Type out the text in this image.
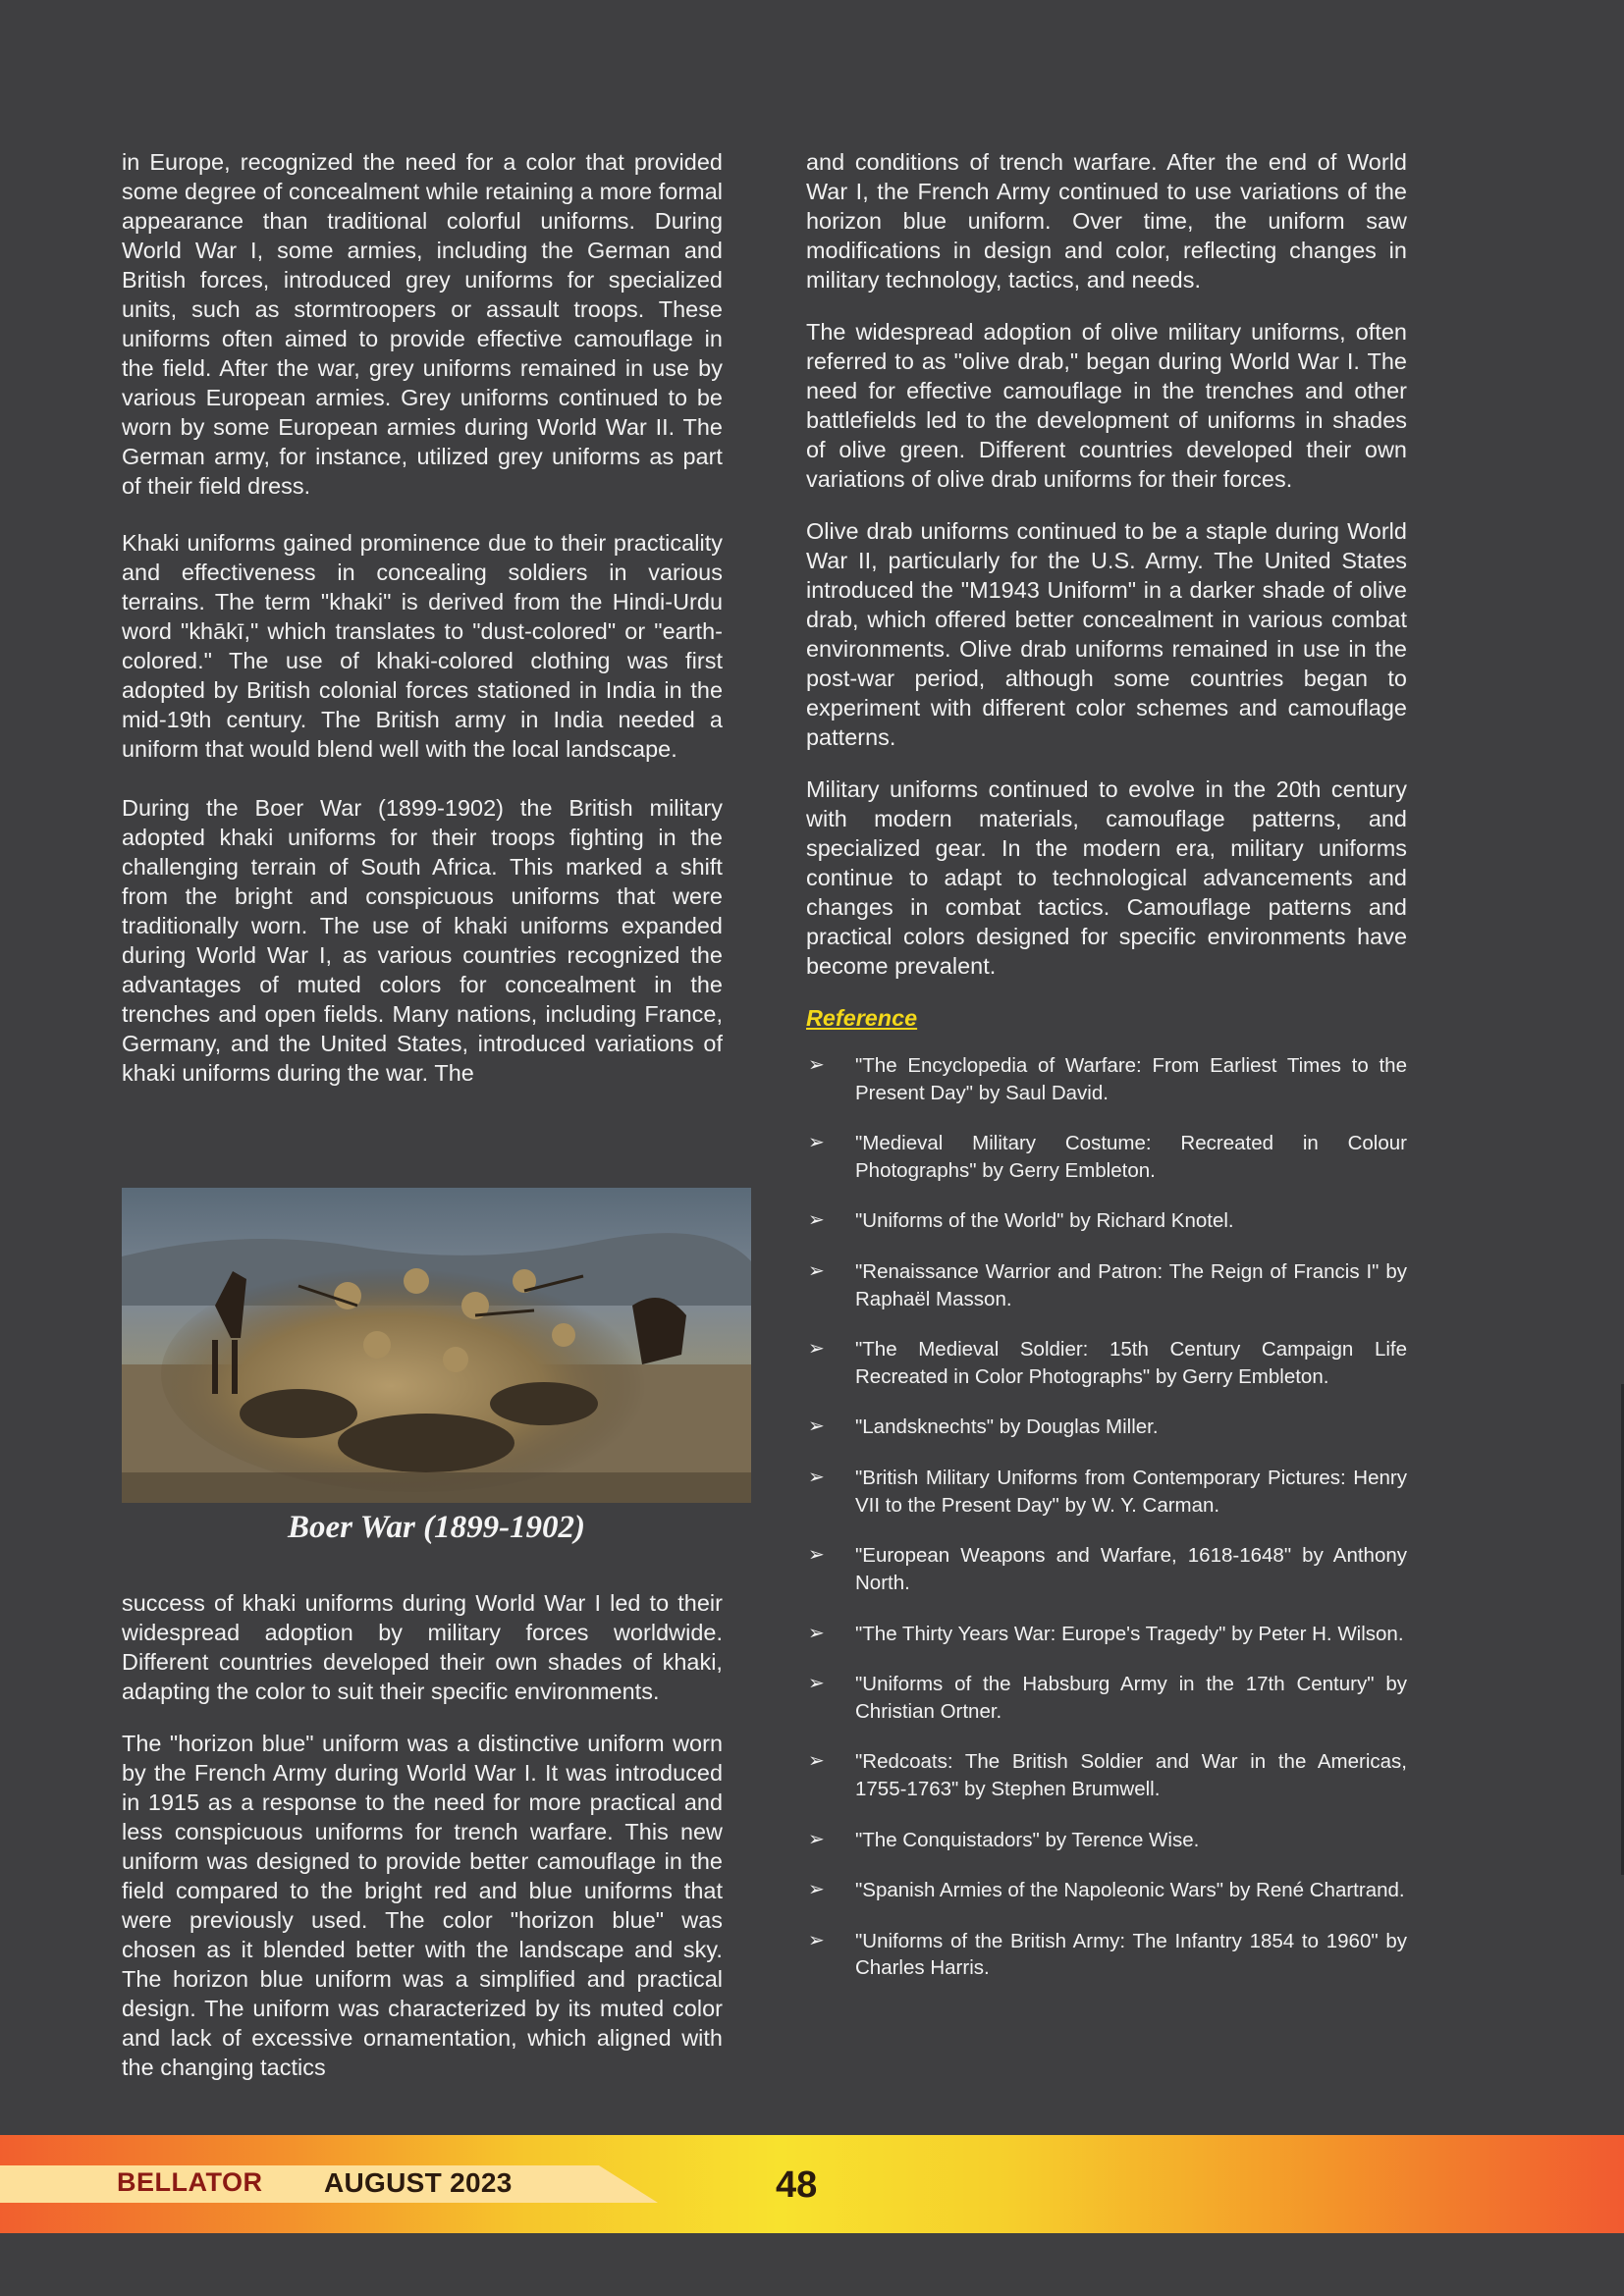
in Europe, recognized the need for a color that provided some degree of concealment while retaining a more formal appearance than traditional colorful uniforms. During World War I, some armies, including the German and British forces, introduced grey uniforms for specialized units, such as stormtroopers or assault troops. These uniforms often aimed to provide effective camouflage in the field. After the war, grey uniforms remained in use by various European armies. Grey uniforms continued to be worn by some European armies during World War II. The German army, for instance, utilized grey uniforms as part of their field dress.

Khaki uniforms gained prominence due to their practicality and effectiveness in concealing soldiers in various terrains. The term "khaki" is derived from the Hindi-Urdu word "khākī," which translates to "dust-colored" or "earth-colored." The use of khaki-colored clothing was first adopted by British colonial forces stationed in India in the mid-19th century. The British army in India needed a uniform that would blend well with the local landscape.

During the Boer War (1899-1902) the British military adopted khaki uniforms for their troops fighting in the challenging terrain of South Africa. This marked a shift from the bright and conspicuous uniforms that were traditionally worn. The use of khaki uniforms expanded during World War I, as various countries recognized the advantages of muted colors for concealment in the trenches and open fields. Many nations, including France, Germany, and the United States, introduced variations of khaki uniforms during the war. The

Boer War (1899-1902)

success of khaki uniforms during World War I led to their widespread adoption by military forces worldwide. Different countries developed their own shades of khaki, adapting the color to suit their specific environments.

The "horizon blue" uniform was a distinctive uniform worn by the French Army during World War I. It was introduced in 1915 as a response to the need for more practical and less conspicuous uniforms for trench warfare. This new uniform was designed to provide better camouflage in the field compared to the bright red and blue uniforms that were previously used. The color "horizon blue" was chosen as it blended better with the landscape and sky. The horizon blue uniform was a simplified and practical design. The uniform was characterized by its muted color and lack of excessive ornamentation, which aligned with the changing tactics

and conditions of trench warfare. After the end of World War I, the French Army continued to use variations of the horizon blue uniform. Over time, the uniform saw modifications in design and color, reflecting changes in military technology, tactics, and needs.

The widespread adoption of olive military uniforms, often referred to as "olive drab," began during World War I. The need for effective camouflage in the trenches and other battlefields led to the development of uniforms in shades of olive green. Different countries developed their own variations of olive drab uniforms for their forces.

Olive drab uniforms continued to be a staple during World War II, particularly for the U.S. Army. The United States introduced the "M1943 Uniform" in a darker shade of olive drab, which offered better concealment in various combat environments. Olive drab uniforms remained in use in the post-war period, although some countries began to experiment with different color schemes and camouflage patterns.

Military uniforms continued to evolve in the 20th century with modern materials, camouflage patterns, and specialized gear. In the modern era, military uniforms continue to adapt to technological advancements and changes in combat tactics. Camouflage patterns and practical colors designed for specific environments have become prevalent.

Reference
➢ "The Encyclopedia of Warfare: From Earliest Times to the Present Day" by Saul David.
➢ "Medieval Military Costume: Recreated in Colour Photographs" by Gerry Embleton.
➢ "Uniforms of the World" by Richard Knotel.
➢ "Renaissance Warrior and Patron: The Reign of Francis I" by Raphaël Masson.
➢ "The Medieval Soldier: 15th Century Campaign Life Recreated in Color Photographs" by Gerry Embleton.
➢ "Landsknechts" by Douglas Miller.
➢ "British Military Uniforms from Contemporary Pictures: Henry VII to the Present Day" by W. Y. Carman.
➢ "European Weapons and Warfare, 1618-1648" by Anthony North.
➢ "The Thirty Years War: Europe's Tragedy" by Peter H. Wilson.
➢ "Uniforms of the Habsburg Army in the 17th Century" by Christian Ortner.
➢ "Redcoats: The British Soldier and War in the Americas, 1755-1763" by Stephen Brumwell.
➢ "The Conquistadors" by Terence Wise.
➢ "Spanish Armies of the Napoleonic Wars" by René Chartrand.
➢ "Uniforms of the British Army: The Infantry 1854 to 1960" by Charles Harris.
BELLATOR AUGUST 2023	48
